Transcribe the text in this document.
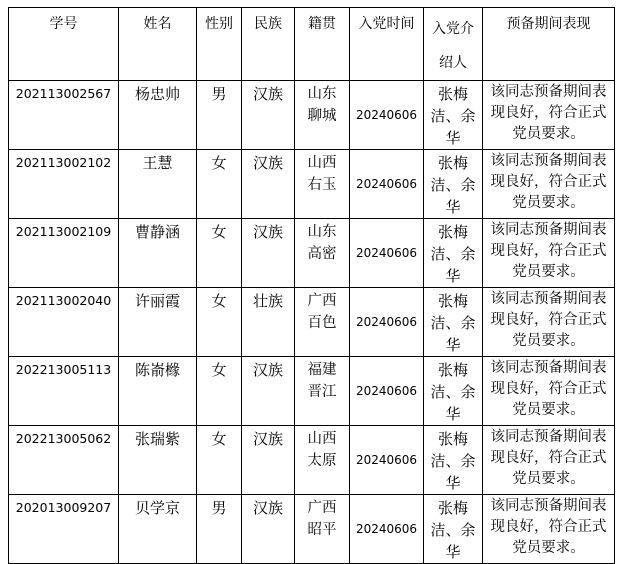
学号	姓名	性别	民族	籍贯	入党时间	入党介绍人	预备期间表现
202113002567	杨忠帅	男	汉族	山东聊城	20240606	张梅洁、余华	该同志预备期间表现良好，符合正式党员要求。

202113002102	王慧	女	汉族	山西右玉	20240606	张梅洁、余华	该同志预备期间表现良好，符合正式党员要求。

202113002109	曹静涵	女	汉族	山东高密	20240606	张梅洁、余华	该同志预备期间表现良好，符合正式党员要求。

202113002040	许丽霞	女	壮族	广西百色	20240606	张梅洁、余华	该同志预备期间表现良好，符合正式党员要求。

202213005113	陈嵛橼	女	汉族	福建晋江	20240606	张梅洁、余华	该同志预备期间表现良好，符合正式党员要求。

202213005062	张瑞紫	女	汉族	山西太原	20240606	张梅洁、余华	该同志预备期间表现良好，符合正式党员要求。

202013009207	贝学京	男	汉族	广西昭平	20240606	张梅洁、余华	该同志预备期间表现良好，符合正式党员要求。
